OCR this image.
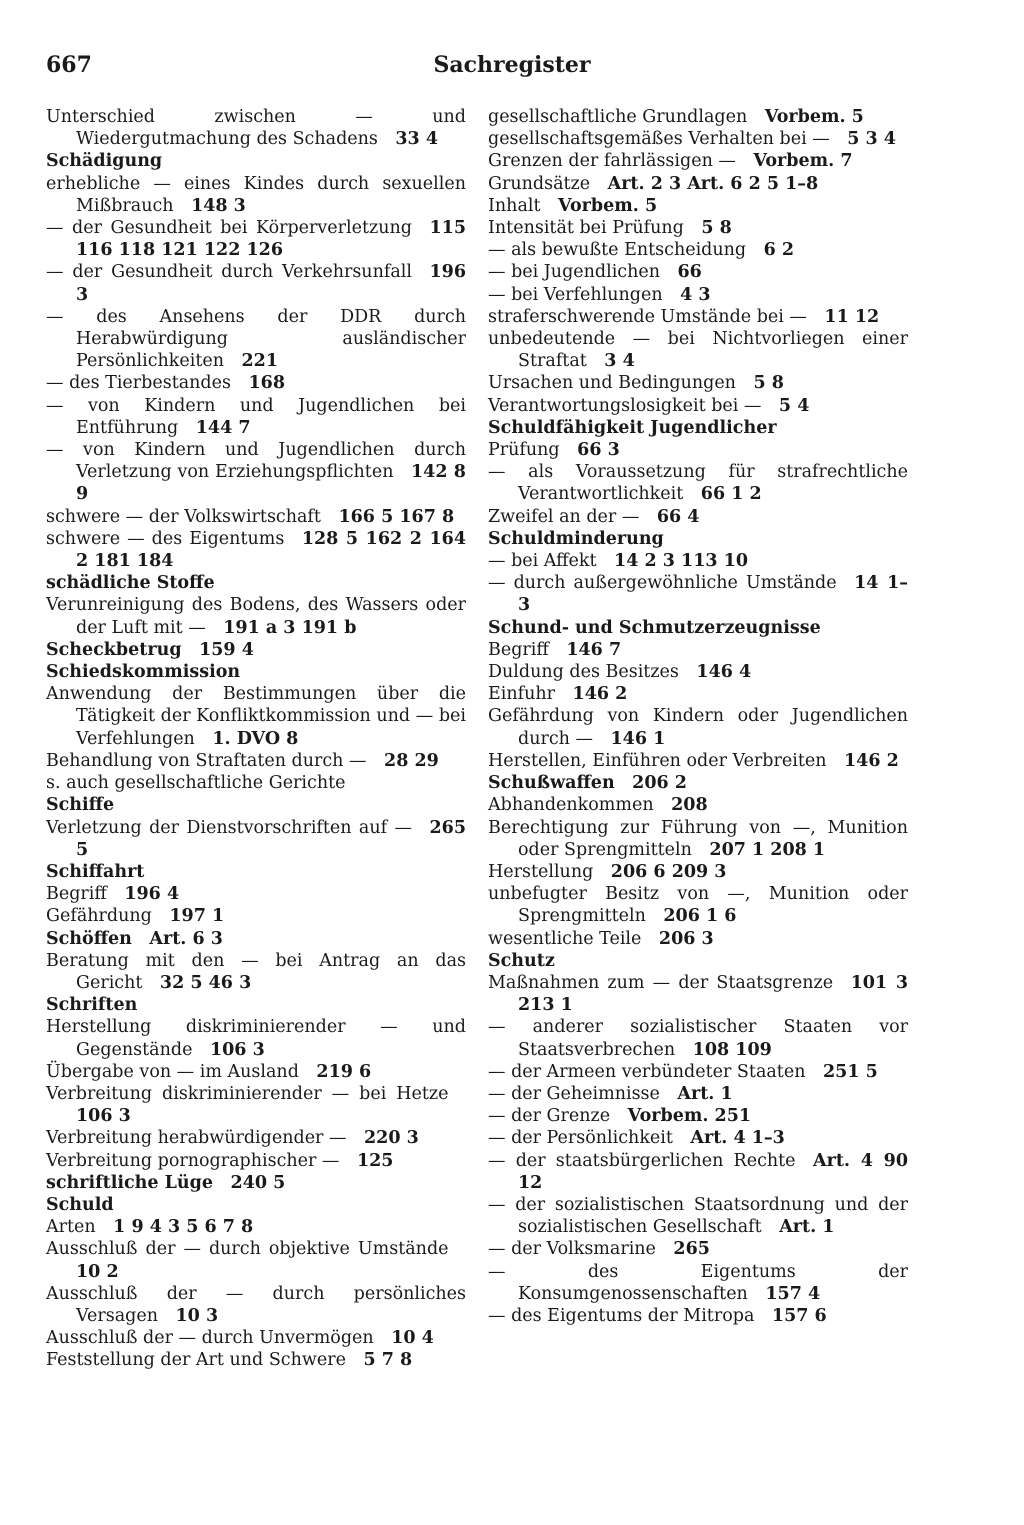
667	Sachregister
Unterschied zwischen — und Wiedergutmachung des Schadens  33 4
Schädigung
erhebliche — eines Kindes durch sexuellen Mißbrauch  148 3
— der Gesundheit bei Körperverletzung  115 116 118 121 122 126
— der Gesundheit durch Verkehrsunfall  196 3
— des Ansehens der DDR durch Herabwürdigung ausländischer Persönlichkeiten  221
— des Tierbestandes  168
— von Kindern und Jugendlichen bei Entführung  144 7
— von Kindern und Jugendlichen durch Verletzung von Erziehungspflichten  142 8 9
schwere — der Volkswirtschaft  166 5 167 8
schwere — des Eigentums  128 5 162 2 164 2 181 184
schädliche Stoffe
Verunreinigung des Bodens, des Wassers oder der Luft mit —  191 a 3 191 b
Scheckbetrug  159 4
Schiedskommission
Anwendung der Bestimmungen über die Tätigkeit der Konfliktkommission und — bei Verfehlungen  1. DVO 8
Behandlung von Straftaten durch —  28 29
s. auch gesellschaftliche Gerichte
Schiffe
Verletzung der Dienstvorschriften auf —  265 5
Schiffahrt
Begriff  196 4
Gefährdung  197 1
Schöffen  Art. 6 3
Beratung mit den — bei Antrag an das Gericht  32 5 46 3
Schriften
Herstellung diskriminierender — und Gegenstände  106 3
Übergabe von — im Ausland  219 6
Verbreitung diskriminierender — bei Hetze 106 3
Verbreitung herabwürdigender —  220 3
Verbreitung pornographischer —  125
schriftliche Lüge  240 5
Schuld
Arten  1 9 4 3 5 6 7 8
Ausschluß der — durch objektive Umstände 10 2
Ausschluß der — durch persönliches Versagen  10 3
Ausschluß der — durch Unvermögen  10 4
Feststellung der Art und Schwere  5 7 8
gesellschaftliche Grundlagen  Vorbem. 5
gesellschaftsgemäßes Verhalten bei —  5 3 4
Grenzen der fahrlässigen —  Vorbem. 7
Grundsätze  Art. 2 3 Art. 6 2 5 1–8
Inhalt  Vorbem. 5
Intensität bei Prüfung  5 8
— als bewußte Entscheidung  6 2
— bei Jugendlichen  66
— bei Verfehlungen  4 3
straferschwerende Umstände bei —  11 12
unbedeutende — bei Nichtvorliegen einer Straftat  3 4
Ursachen und Bedingungen  5 8
Verantwortungslosigkeit bei —  5 4
Schuldfähigkeit Jugendlicher
Prüfung  66 3
— als Voraussetzung für strafrechtliche Verantwortlichkeit  66 1 2
Zweifel an der —  66 4
Schuldminderung
— bei Affekt  14 2 3 113 10
— durch außergewöhnliche Umstände  14 1–3
Schund- und Schmutzerzeugnisse
Begriff  146 7
Duldung des Besitzes  146 4
Einfuhr  146 2
Gefährdung von Kindern oder Jugendlichen durch —  146 1
Herstellen, Einführen oder Verbreiten  146 2
Schußwaffen  206 2
Abhandenkommen  208
Berechtigung zur Führung von —, Munition oder Sprengmitteln  207 1 208 1
Herstellung  206 6 209 3
unbefugter Besitz von —, Munition oder Sprengmitteln  206 1 6
wesentliche Teile  206 3
Schutz
Maßnahmen zum — der Staatsgrenze  101 3 213 1
— anderer sozialistischer Staaten vor Staatsverbrechen  108 109
— der Armeen verbündeter Staaten  251 5
— der Geheimnisse  Art. 1
— der Grenze  Vorbem. 251
— der Persönlichkeit  Art. 4 1–3
— der staatsbürgerlichen Rechte  Art. 4 90 12
— der sozialistischen Staatsordnung und der sozialistischen Gesellschaft  Art. 1
— der Volksmarine  265
— des Eigentums der Konsumgenossenschaften  157 4
— des Eigentums der Mitropa  157 6
